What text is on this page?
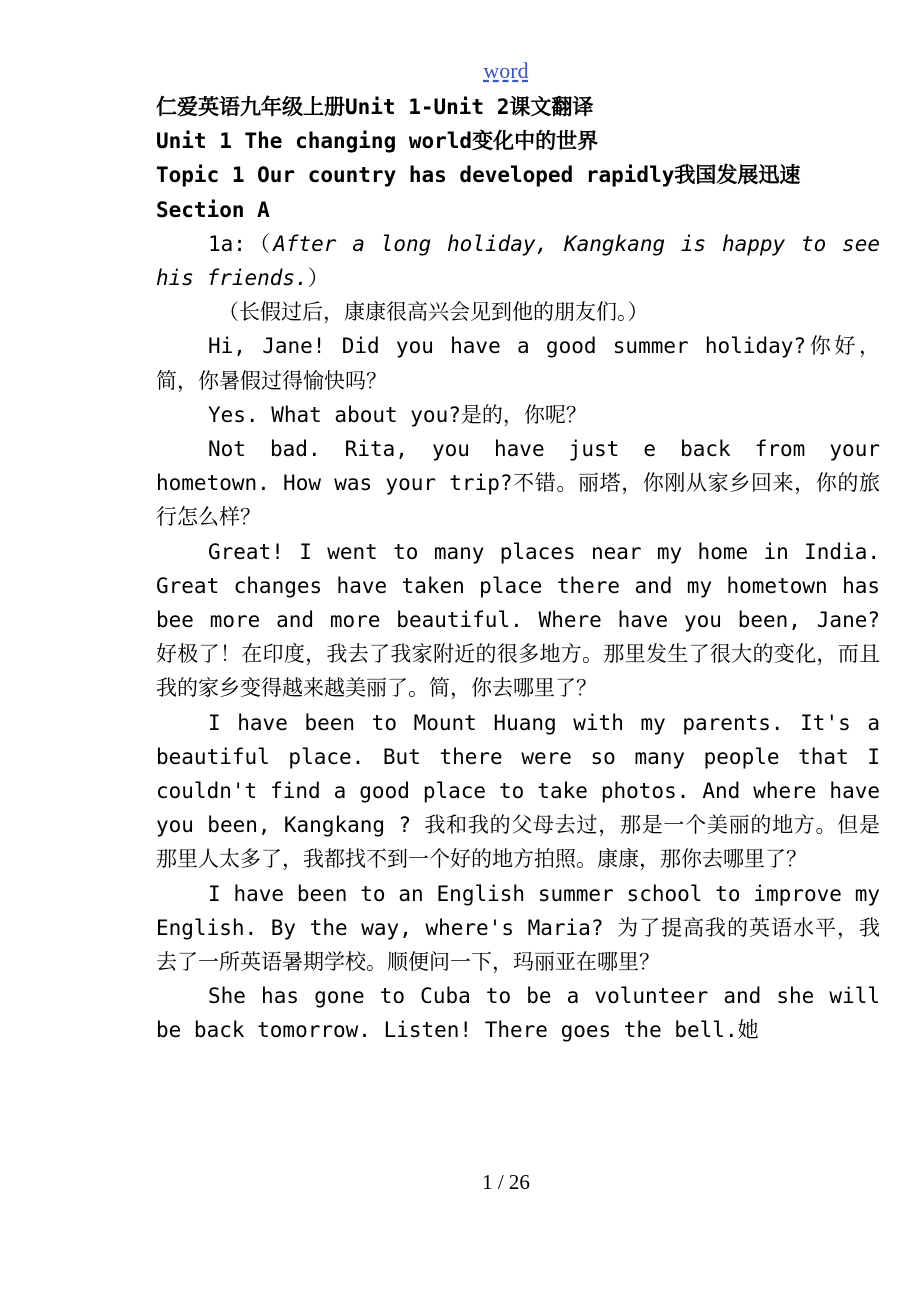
word

仁爱英语九年级上册Unit 1-Unit 2课文翻译

Unit 1 The changing world变化中的世界

Topic 1 Our country has developed rapidly我国发展迅速

Section A

1a:（After a long holiday, Kangkang is happy to see his friends.）

（长假过后，康康很高兴会见到他的朋友们。）

Hi, Jane! Did you have a good summer holiday?你好，简，你暑假过得愉快吗？

Yes. What about you?是的，你呢？

Not bad. Rita, you have just e back from your hometown. How was your trip?不错。丽塔，你刚从家乡回来，你的旅行怎么样？

Great! I went to many places near my home in India. Great changes have taken place there and my hometown has bee more and more beautiful. Where have you been, Jane? 好极了！在印度，我去了我家附近的很多地方。那里发生了很大的变化，而且我的家乡变得越来越美丽了。简，你去哪里了？

I have been to Mount Huang with my parents. It's a beautiful place. But there were so many people that I couldn't find a good place to take photos. And where have you been, Kangkang ? 我和我的父母去过，那是一个美丽的地方。但是那里人太多了，我都找不到一个好的地方拍照。康康，那你去哪里了？

I have been to an English summer school to improve my English. By the way, where's Maria? 为了提高我的英语水平，我去了一所英语暑期学校。顺便问一下，玛丽亚在哪里？

She has gone to Cuba to be a volunteer and she will be back tomorrow. Listen! There goes the bell.她

1 / 26
